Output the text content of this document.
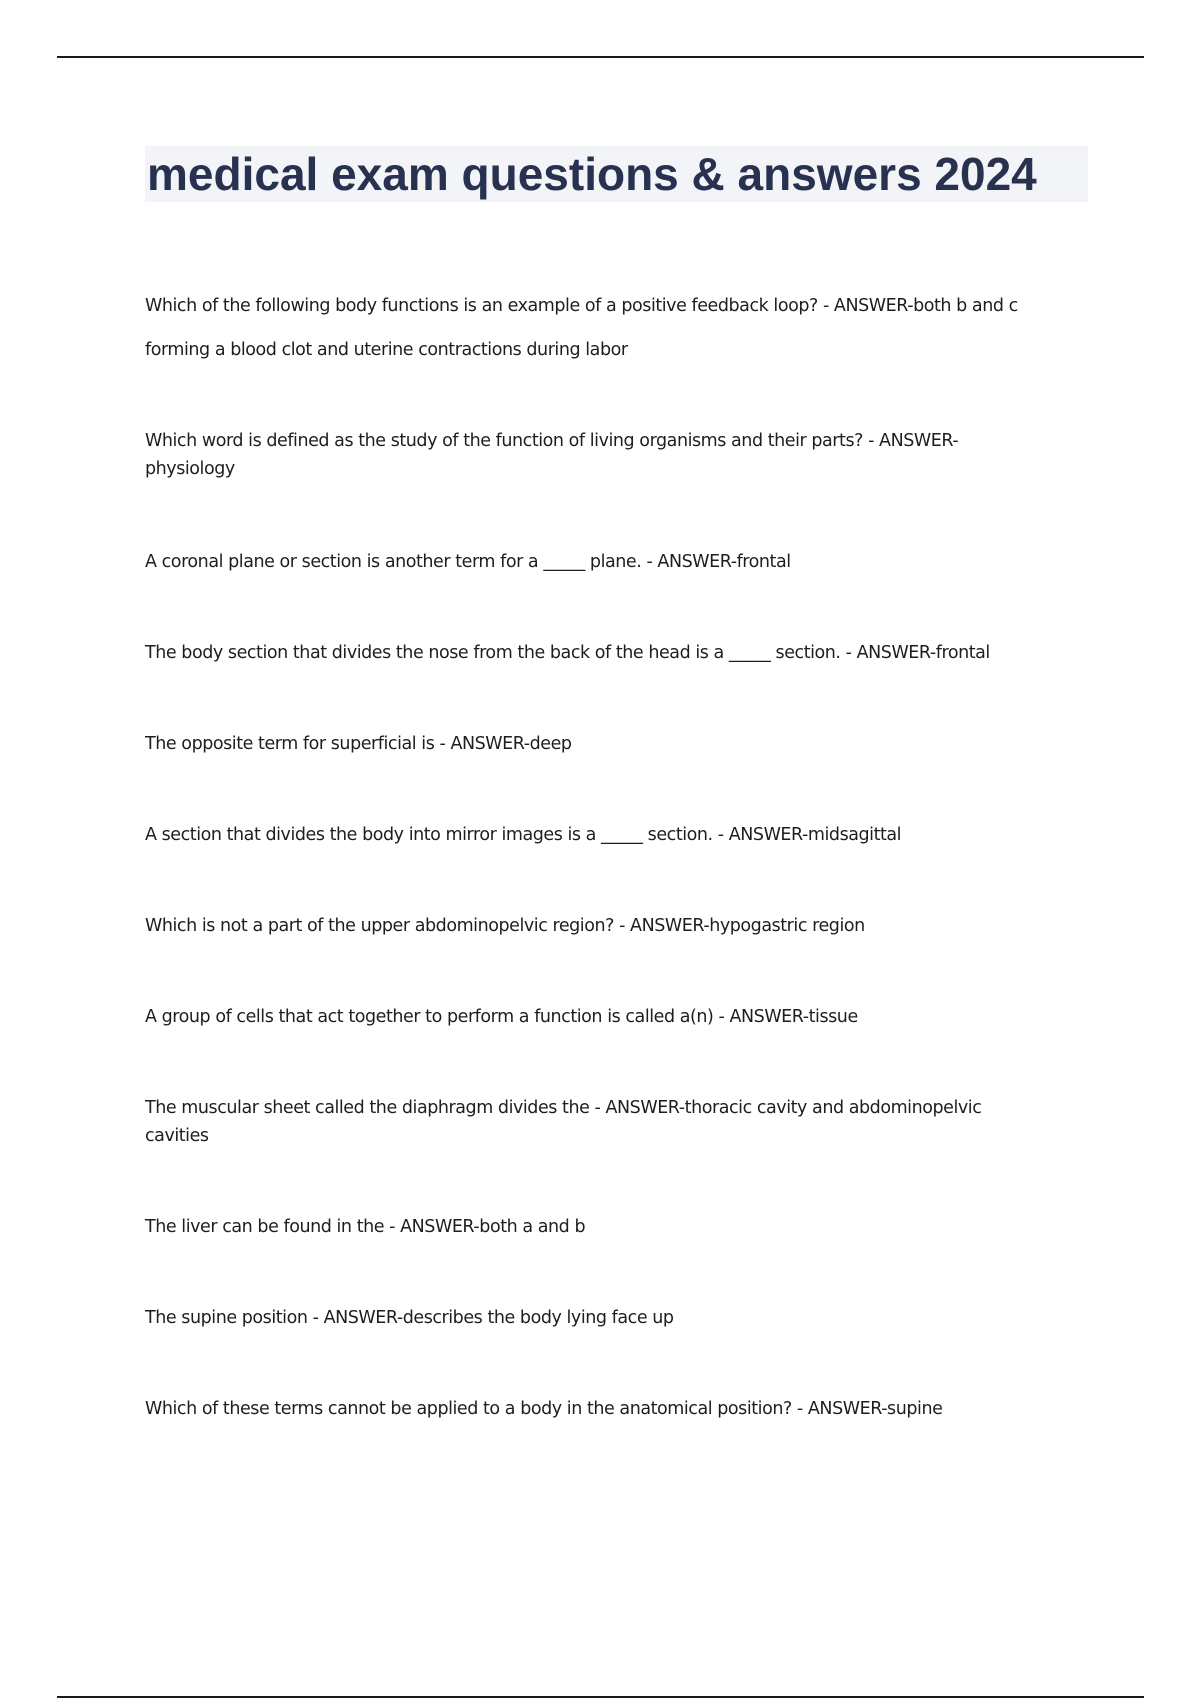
medical exam questions & answers 2024
Which of the following body functions is an example of a positive feedback loop? - ANSWER-both b and c
forming a blood clot and uterine contractions during labor
Which word is defined as the study of the function of living organisms and their parts? - ANSWER-
physiology
A coronal plane or section is another term for a _____ plane. - ANSWER-frontal
The body section that divides the nose from the back of the head is a _____ section. - ANSWER-frontal
The opposite term for superficial is - ANSWER-deep
A section that divides the body into mirror images is a _____ section. - ANSWER-midsagittal
Which is not a part of the upper abdominopelvic region? - ANSWER-hypogastric region
A group of cells that act together to perform a function is called a(n) - ANSWER-tissue
The muscular sheet called the diaphragm divides the - ANSWER-thoracic cavity and abdominopelvic
cavities
The liver can be found in the - ANSWER-both a and b
The supine position - ANSWER-describes the body lying face up
Which of these terms cannot be applied to a body in the anatomical position? - ANSWER-supine
